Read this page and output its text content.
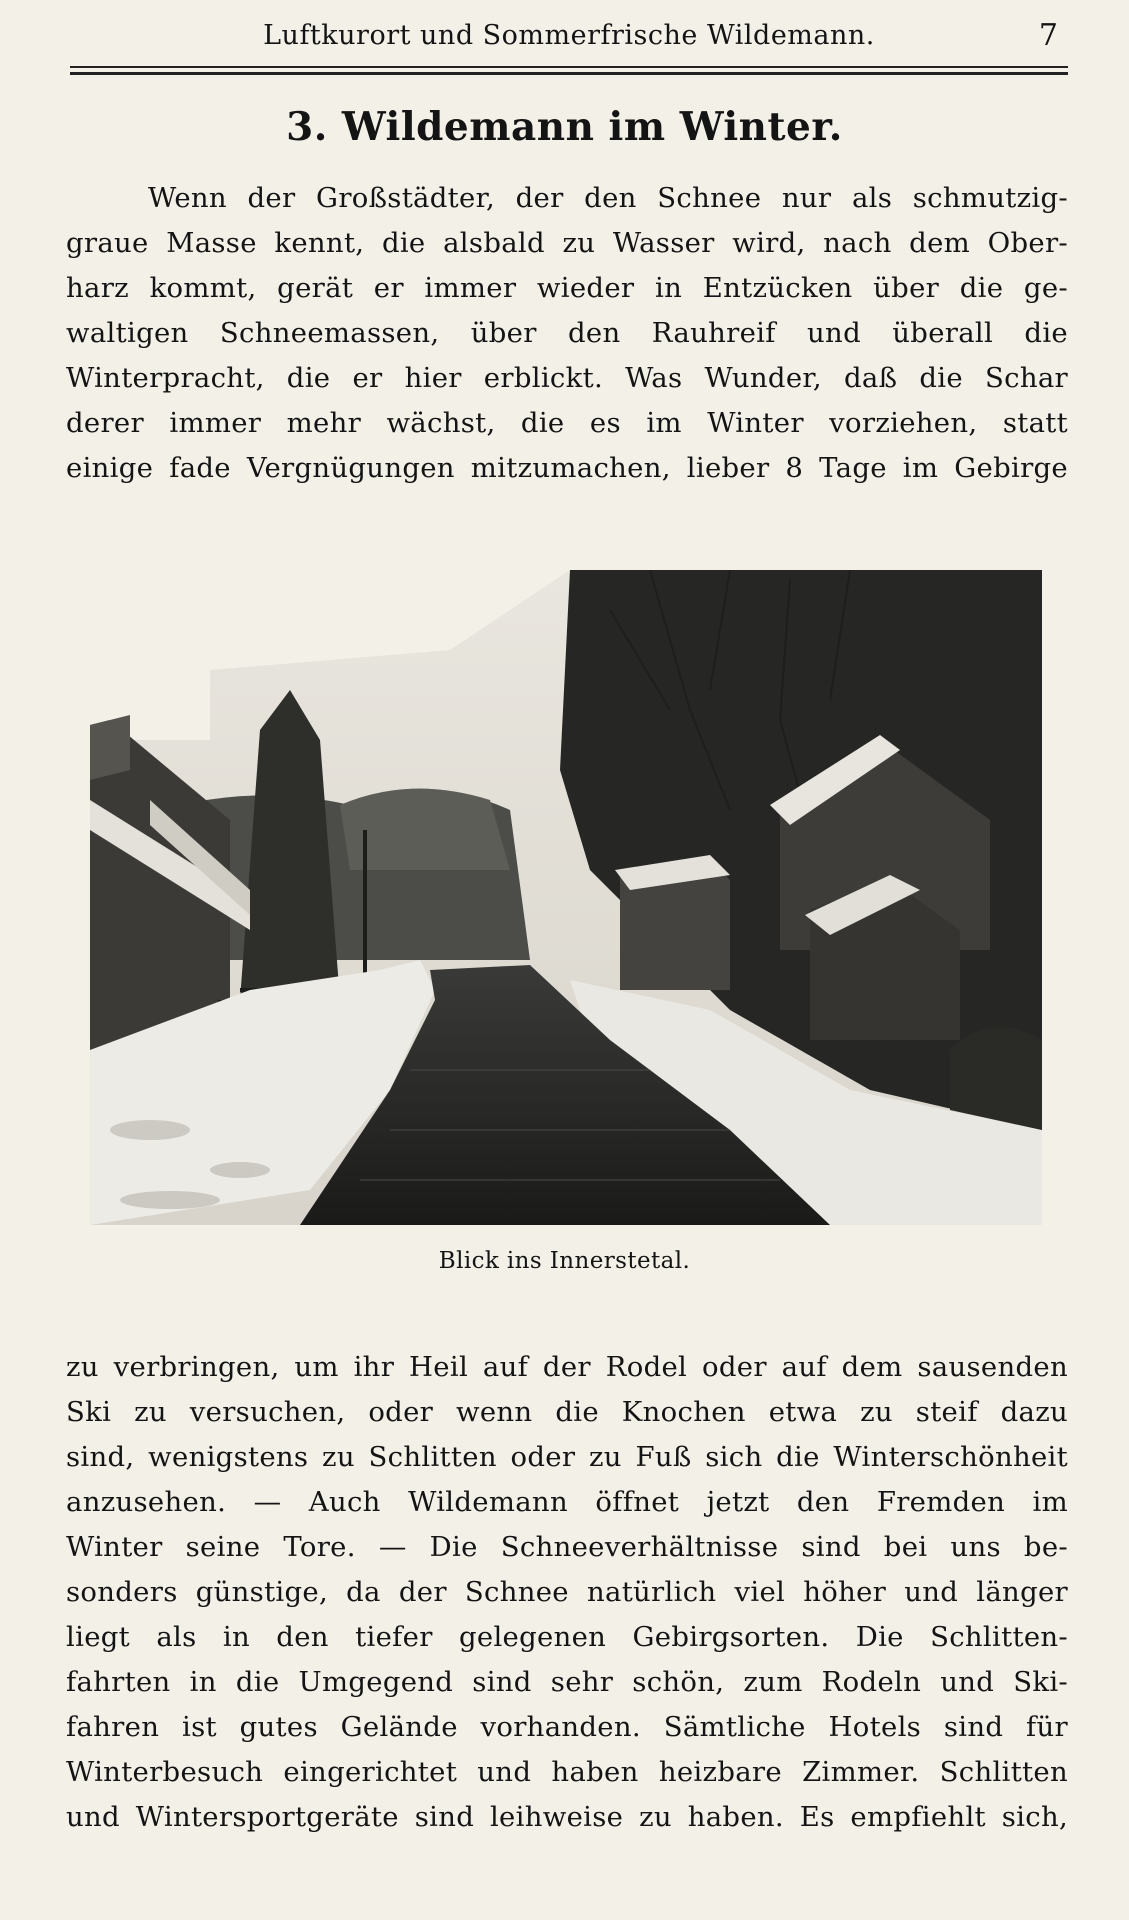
Luftkurort und Sommerfrische Wildemann.	7
3. Wildemann im Winter.
Wenn der Großstädter, der den Schnee nur als schmutzig-
graue Masse kennt, die alsbald zu Wasser wird, nach dem Ober-
harz kommt, gerät er immer wieder in Entzücken über die ge-
waltigen Schneemassen, über den Rauhreif und überall die
Winterpracht, die er hier erblickt. Was Wunder, daß die Schar
derer immer mehr wächst, die es im Winter vorziehen, statt
einige fade Vergnügungen mitzumachen, lieber 8 Tage im Gebirge
Blick ins Innerstetal.
zu verbringen, um ihr Heil auf der Rodel oder auf dem sausenden
Ski zu versuchen, oder wenn die Knochen etwa zu steif dazu
sind, wenigstens zu Schlitten oder zu Fuß sich die Winterschönheit
anzusehen. — Auch Wildemann öffnet jetzt den Fremden im
Winter seine Tore. — Die Schneeverhältnisse sind bei uns be-
sonders günstige, da der Schnee natürlich viel höher und länger
liegt als in den tiefer gelegenen Gebirgsorten. Die Schlitten-
fahrten in die Umgegend sind sehr schön, zum Rodeln und Ski-
fahren ist gutes Gelände vorhanden. Sämtliche Hotels sind für
Winterbesuch eingerichtet und haben heizbare Zimmer. Schlitten
und Wintersportgeräte sind leihweise zu haben. Es empfiehlt sich,
